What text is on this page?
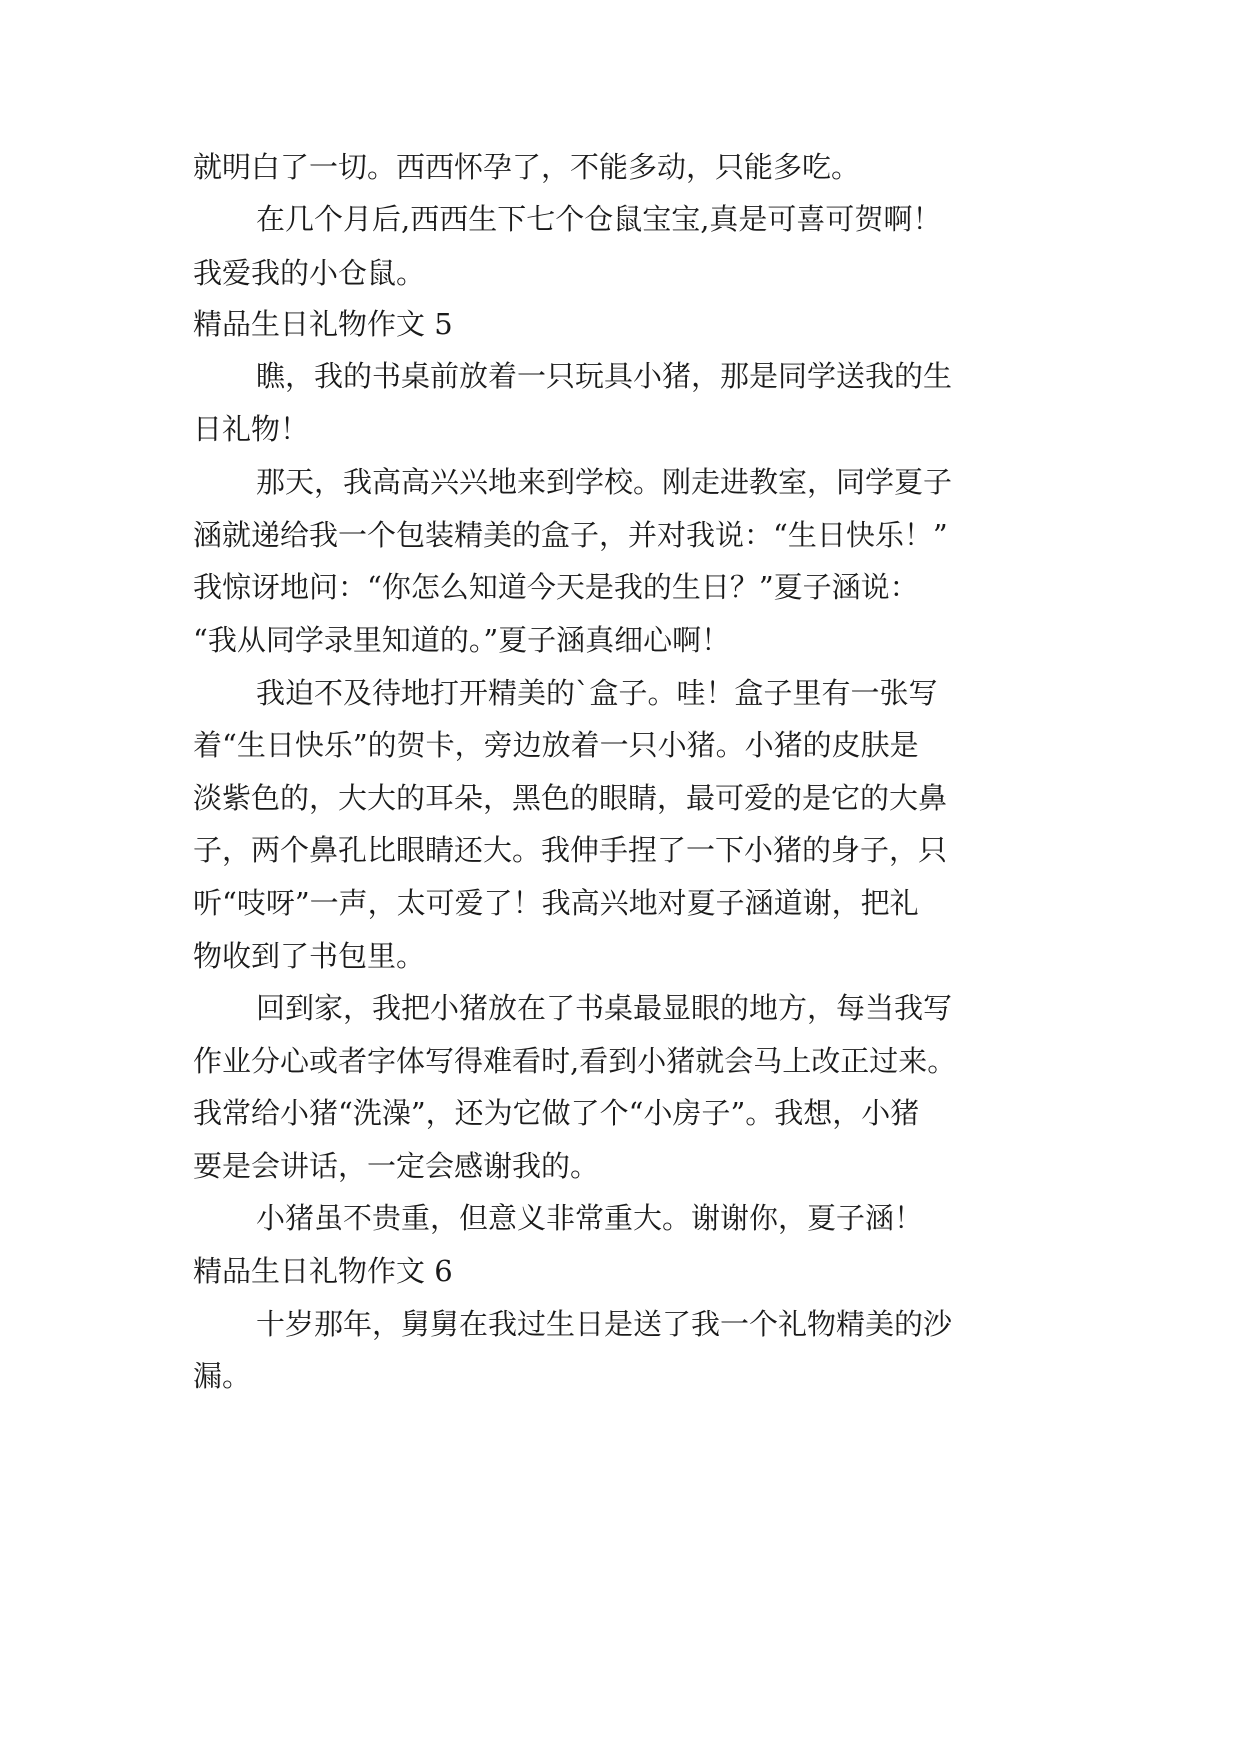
就明白了一切。西西怀孕了，不能多动，只能多吃。
在几个月后,西西生下七个仓鼠宝宝,真是可喜可贺啊！
我爱我的小仓鼠。
精品生日礼物作文 5
瞧，我的书桌前放着一只玩具小猪，那是同学送我的生
日礼物！
那天，我高高兴兴地来到学校。刚走进教室，同学夏子
涵就递给我一个包装精美的盒子，并对我说：“生日快乐！”
我惊讶地问：“你怎么知道今天是我的生日？”夏子涵说：
“我从同学录里知道的。”夏子涵真细心啊！
我迫不及待地打开精美的`盒子。哇！盒子里有一张写
着“生日快乐”的贺卡，旁边放着一只小猪。小猪的皮肤是
淡紫色的，大大的耳朵，黑色的眼睛，最可爱的是它的大鼻
子，两个鼻孔比眼睛还大。我伸手捏了一下小猪的身子，只
听“吱呀”一声，太可爱了！我高兴地对夏子涵道谢，把礼
物收到了书包里。
回到家，我把小猪放在了书桌最显眼的地方，每当我写
作业分心或者字体写得难看时,看到小猪就会马上改正过来。
我常给小猪“洗澡”，还为它做了个“小房子”。我想，小猪
要是会讲话，一定会感谢我的。
小猪虽不贵重，但意义非常重大。谢谢你，夏子涵！
精品生日礼物作文 6
十岁那年，舅舅在我过生日是送了我一个礼物精美的沙
漏。
